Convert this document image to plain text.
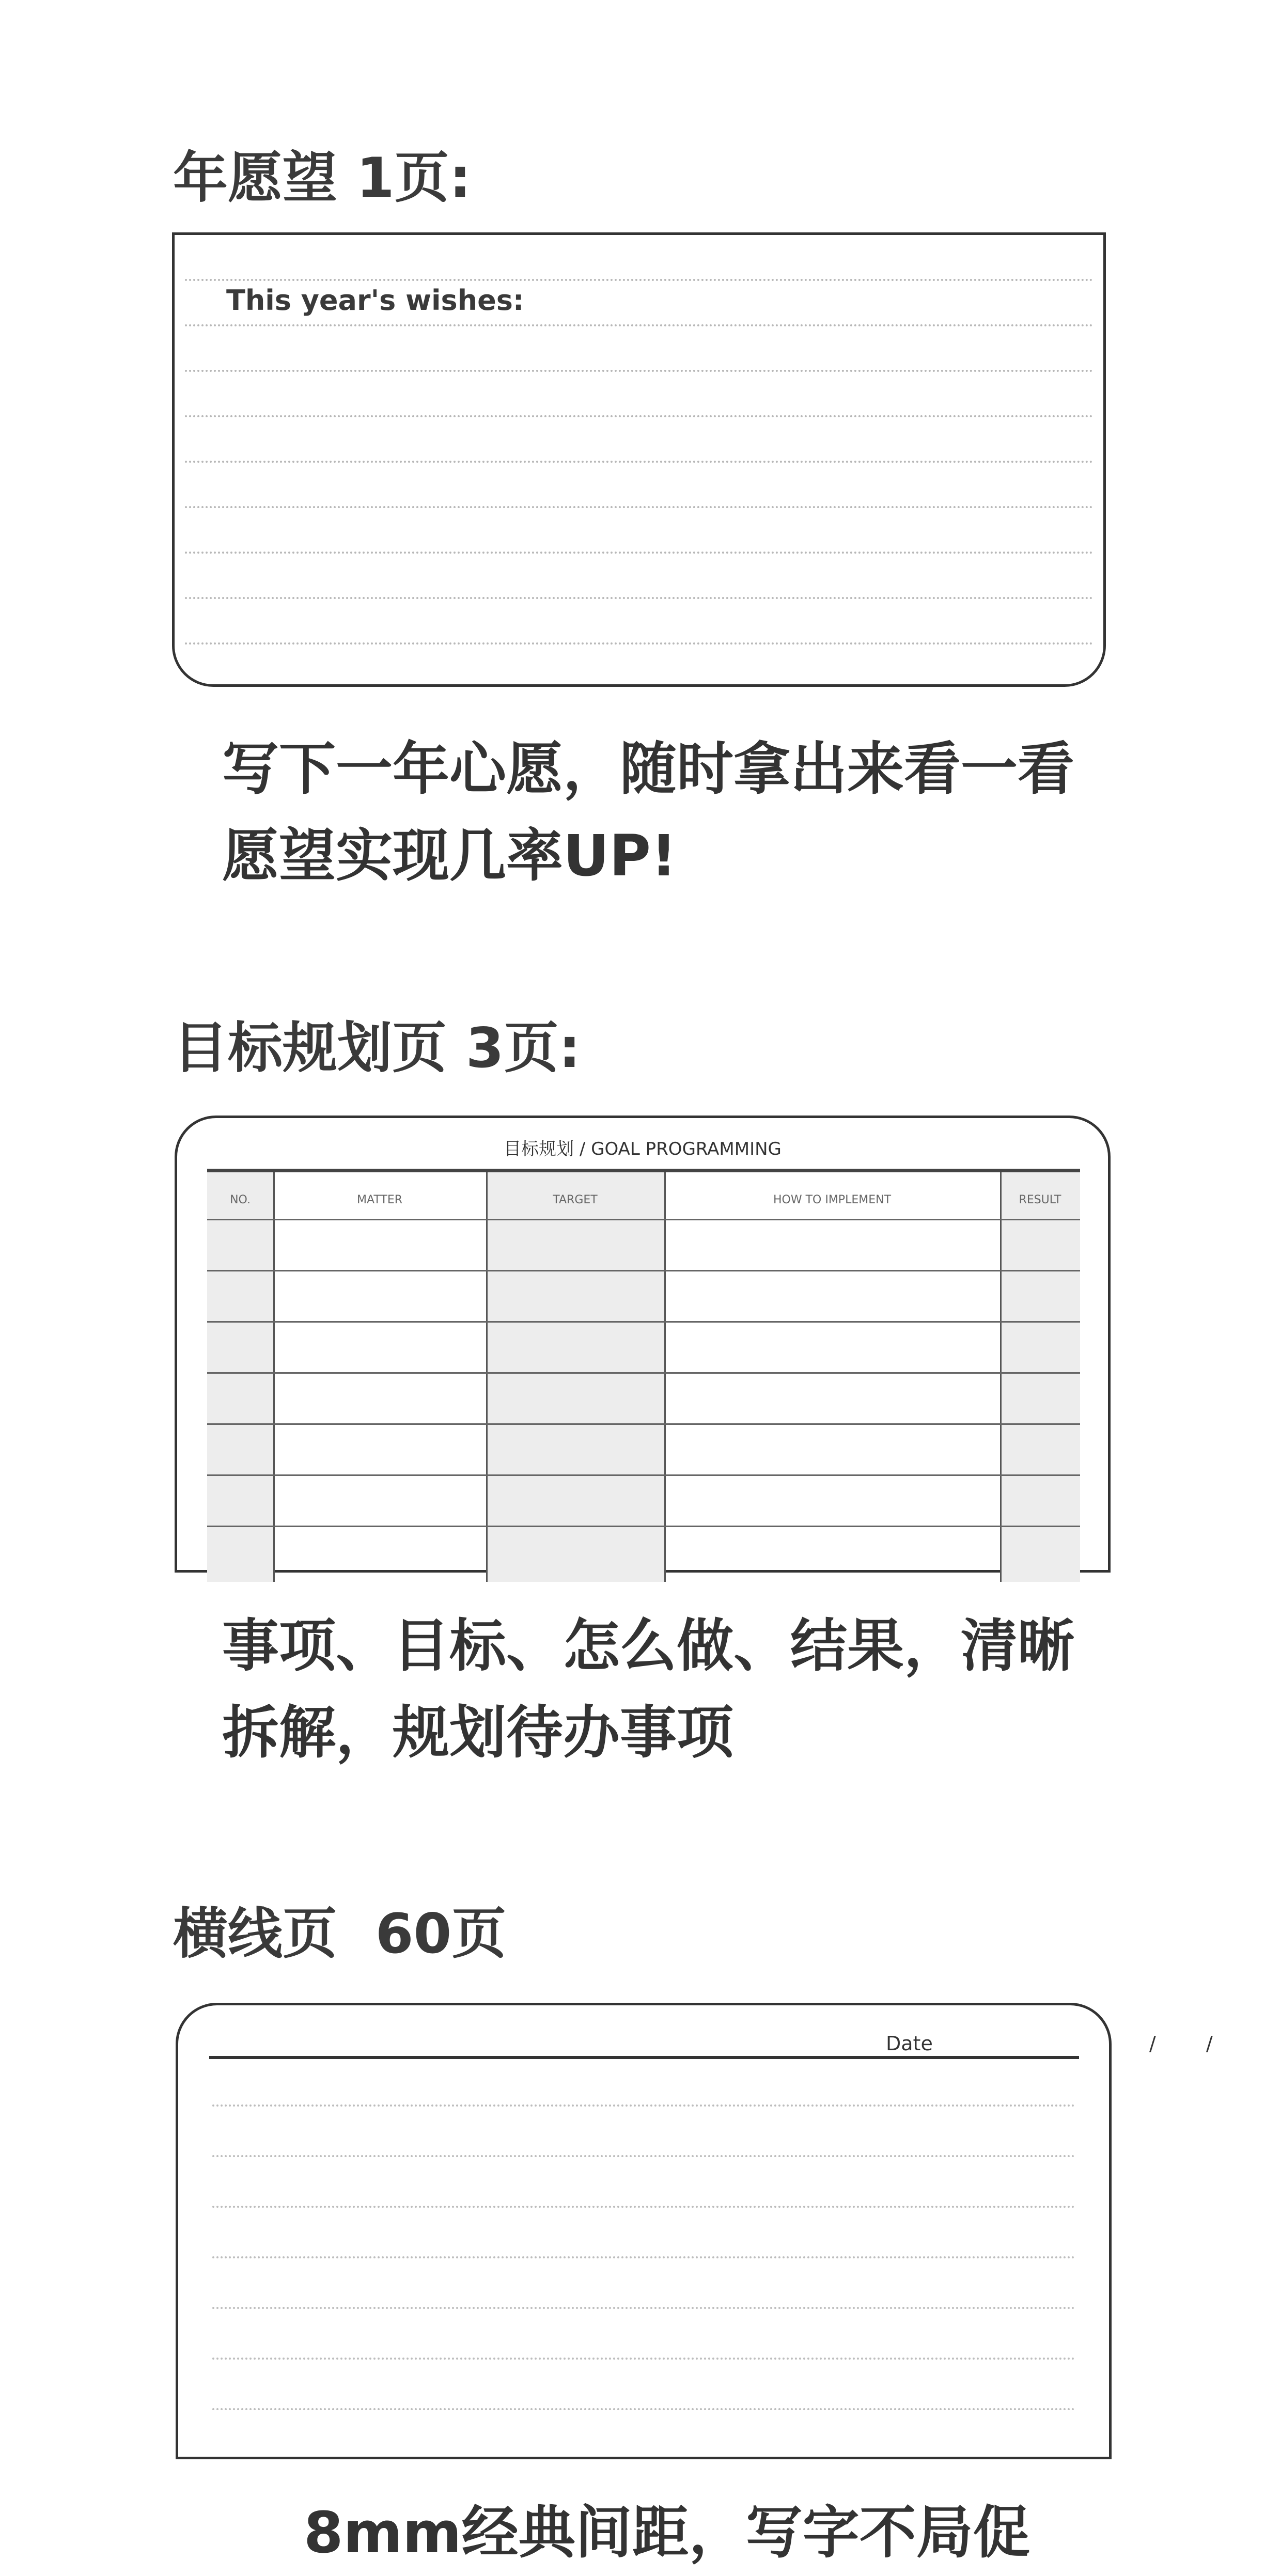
年愿望 1页:
This year's wishes:
写下一年心愿，随时拿出来看一看
愿望实现几率UP!
目标规划页 3页:
目标规划 / GOAL PROGRAMMING
NO.	MATTER	TARGET	HOW TO IMPLEMENT	RESULT
事项、目标、怎么做、结果，清晰
拆解，规划待办事项
横线页  60页
Date	/	/
8mm经典间距，写字不局促
